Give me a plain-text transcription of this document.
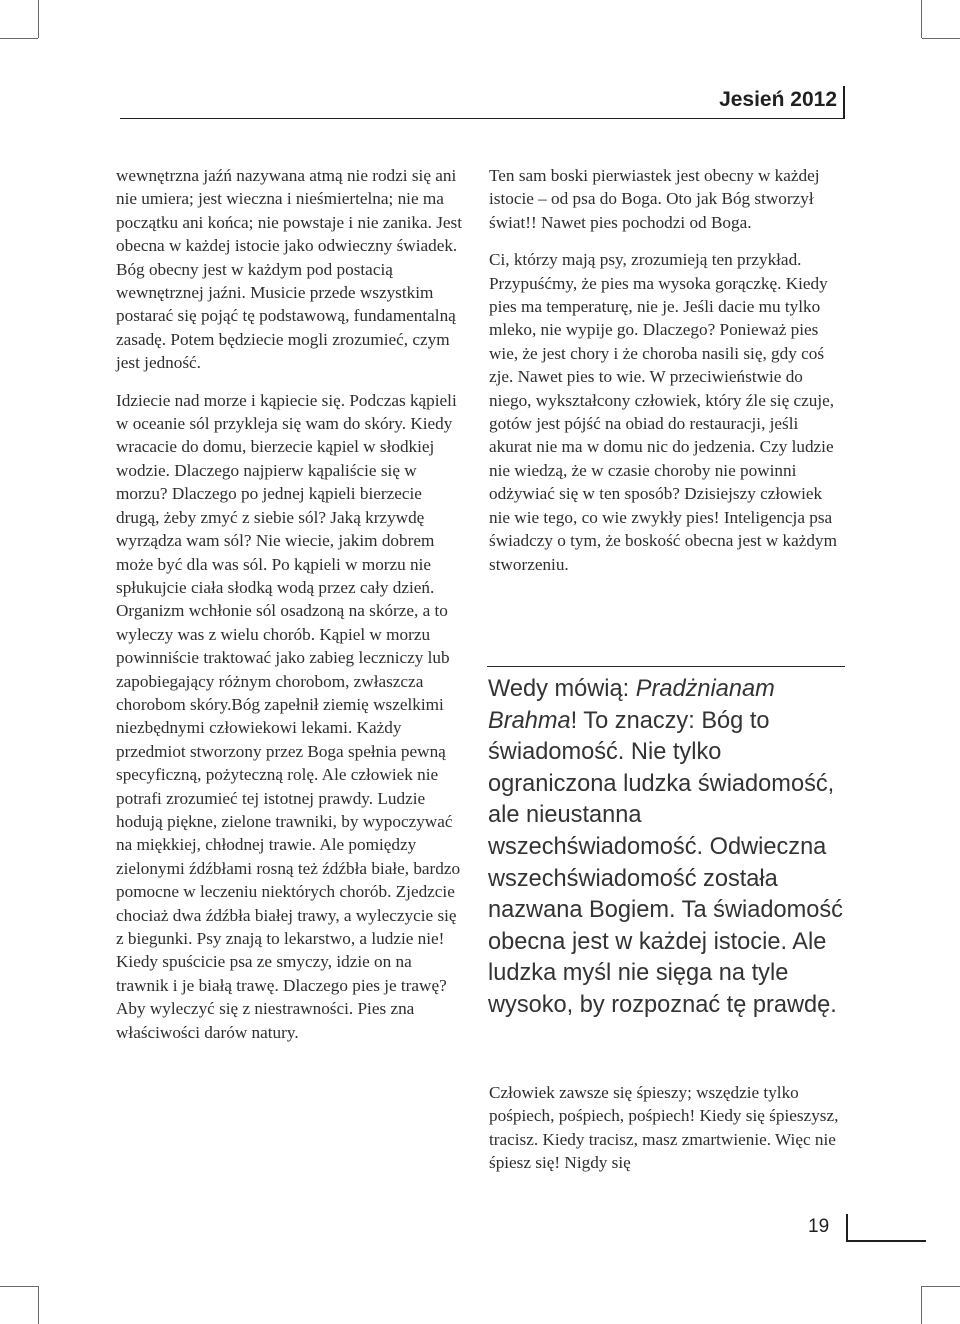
Jesień 2012

wewnętrzna jaźń nazywana atmą nie rodzi się ani nie umiera; jest wieczna i nieśmiertelna; nie ma początku ani końca; nie powstaje i nie zanika. Jest obecna w każdej istocie jako odwieczny świadek. Bóg obecny jest w każdym pod postacią wewnętrznej jaźni. Musicie przede wszystkim postarać się pojąć tę podstawową, fundamentalną zasadę. Potem będziecie mogli zrozumieć, czym jest jedność.

Idziecie nad morze i kąpiecie się. Podczas kąpieli w oceanie sól przykleja się wam do skóry. Kiedy wracacie do domu, bierzecie kąpiel w słodkiej wodzie. Dlaczego najpierw kąpaliście się w morzu? Dlaczego po jednej kąpieli bierzecie drugą, żeby zmyć z siebie sól? Jaką krzywdę wyrządza wam sól? Nie wiecie, jakim dobrem może być dla was sól. Po kąpieli w morzu nie spłukujcie ciała słodką wodą przez cały dzień. Organizm wchłonie sól osadzoną na skórze, a to wyleczy was z wielu chorób. Kąpiel w morzu powinniście traktować jako zabieg leczniczy lub zapobiegający różnym chorobom, zwłaszcza chorobom skóry.Bóg zapełnił ziemię wszelkimi niezbędnymi człowiekowi lekami. Każdy przedmiot stworzony przez Boga spełnia pewną specyficzną, pożyteczną rolę. Ale człowiek nie potrafi zrozumieć tej istotnej prawdy. Ludzie hodują piękne, zielone trawniki, by wypoczywać na miękkiej, chłodnej trawie. Ale pomiędzy zielonymi źdźbłami rosną też źdźbła białe, bardzo pomocne w leczeniu niektórych chorób. Zjedzcie chociaż dwa źdźbła białej trawy, a wyleczycie się z biegunki. Psy znają to lekarstwo, a ludzie nie! Kiedy spuścicie psa ze smyczy, idzie on na trawnik i je białą trawę. Dlaczego pies je trawę? Aby wyleczyć się z niestrawności. Pies zna właściwości darów natury.

Ten sam boski pierwiastek jest obecny w każdej istocie – od psa do Boga. Oto jak Bóg stworzył świat!! Nawet pies pochodzi od Boga.

Ci, którzy mają psy, zrozumieją ten przykład. Przypuśćmy, że pies ma wysoka gorączkę. Kiedy pies ma temperaturę, nie je. Jeśli dacie mu tylko mleko, nie wypije go. Dlaczego? Ponieważ pies wie, że jest chory i że choroba nasili się, gdy coś zje. Nawet pies to wie. W przeciwieństwie do niego, wykształcony człowiek, który źle się czuje, gotów jest pójść na obiad do restauracji, jeśli akurat nie ma w domu nic do jedzenia. Czy ludzie nie wiedzą, że w czasie choroby nie powinni odżywiać się w ten sposób? Dzisiejszy człowiek nie wie tego, co wie zwykły pies! Inteligencja psa świadczy o tym, że boskość obecna jest w każdym stworzeniu.

Wedy mówią: Pradżnianam Brahma! To znaczy: Bóg to świadomość. Nie tylko ograniczona ludzka świadomość, ale nieustanna wszechświadomość. Odwieczna wszechświadomość została nazwana Bogiem. Ta świadomość obecna jest w każdej istocie. Ale ludzka myśl nie sięga na tyle wysoko, by rozpoznać tę prawdę.

Człowiek zawsze się śpieszy; wszędzie tylko pośpiech, pośpiech, pośpiech! Kiedy się śpieszysz, tracisz. Kiedy tracisz, masz zmartwienie. Więc nie śpiesz się! Nigdy się

19
